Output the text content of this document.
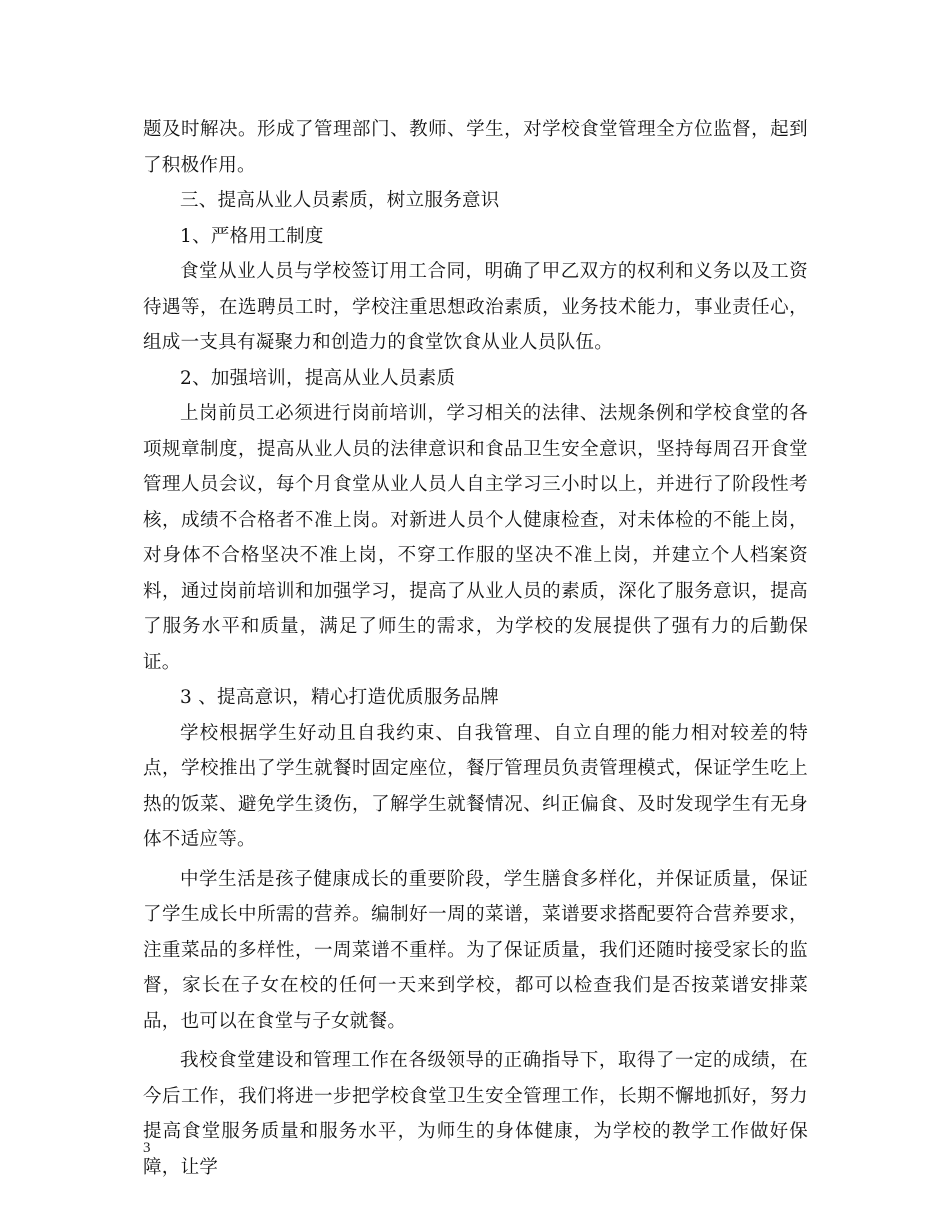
题及时解决。形成了管理部门、教师、学生，对学校食堂管理全方位监督，起到了积极作用。

三、提高从业人员素质，树立服务意识

1、严格用工制度

食堂从业人员与学校签订用工合同，明确了甲乙双方的权利和义务以及工资待遇等，在选聘员工时，学校注重思想政治素质，业务技术能力，事业责任心，组成一支具有凝聚力和创造力的食堂饮食从业人员队伍。

2、加强培训，提高从业人员素质

上岗前员工必须进行岗前培训，学习相关的法律、法规条例和学校食堂的各项规章制度，提高从业人员的法律意识和食品卫生安全意识，坚持每周召开食堂管理人员会议，每个月食堂从业人员人自主学习三小时以上，并进行了阶段性考核，成绩不合格者不准上岗。对新进人员个人健康检查，对未体检的不能上岗，对身体不合格坚决不准上岗，不穿工作服的坚决不准上岗，并建立个人档案资料，通过岗前培训和加强学习，提高了从业人员的素质，深化了服务意识，提高了服务水平和质量，满足了师生的需求，为学校的发展提供了强有力的后勤保证。

3 、提高意识，精心打造优质服务品牌

学校根据学生好动且自我约束、自我管理、自立自理的能力相对较差的特点，学校推出了学生就餐时固定座位，餐厅管理员负责管理模式，保证学生吃上热的饭菜、避免学生烫伤，了解学生就餐情况、纠正偏食、及时发现学生有无身体不适应等。

中学生活是孩子健康成长的重要阶段，学生膳食多样化，并保证质量，保证了学生成长中所需的营养。编制好一周的菜谱，菜谱要求搭配要符合营养要求，注重菜品的多样性，一周菜谱不重样。为了保证质量，我们还随时接受家长的监督，家长在子女在校的任何一天来到学校，都可以检查我们是否按菜谱安排菜品，也可以在食堂与子女就餐。

我校食堂建设和管理工作在各级领导的正确指导下，取得了一定的成绩，在今后工作，我们将进一步把学校食堂卫生安全管理工作，长期不懈地抓好，努力提高食堂服务质量和服务水平，为师生的身体健康，为学校的教学工作做好保障，让学

3
